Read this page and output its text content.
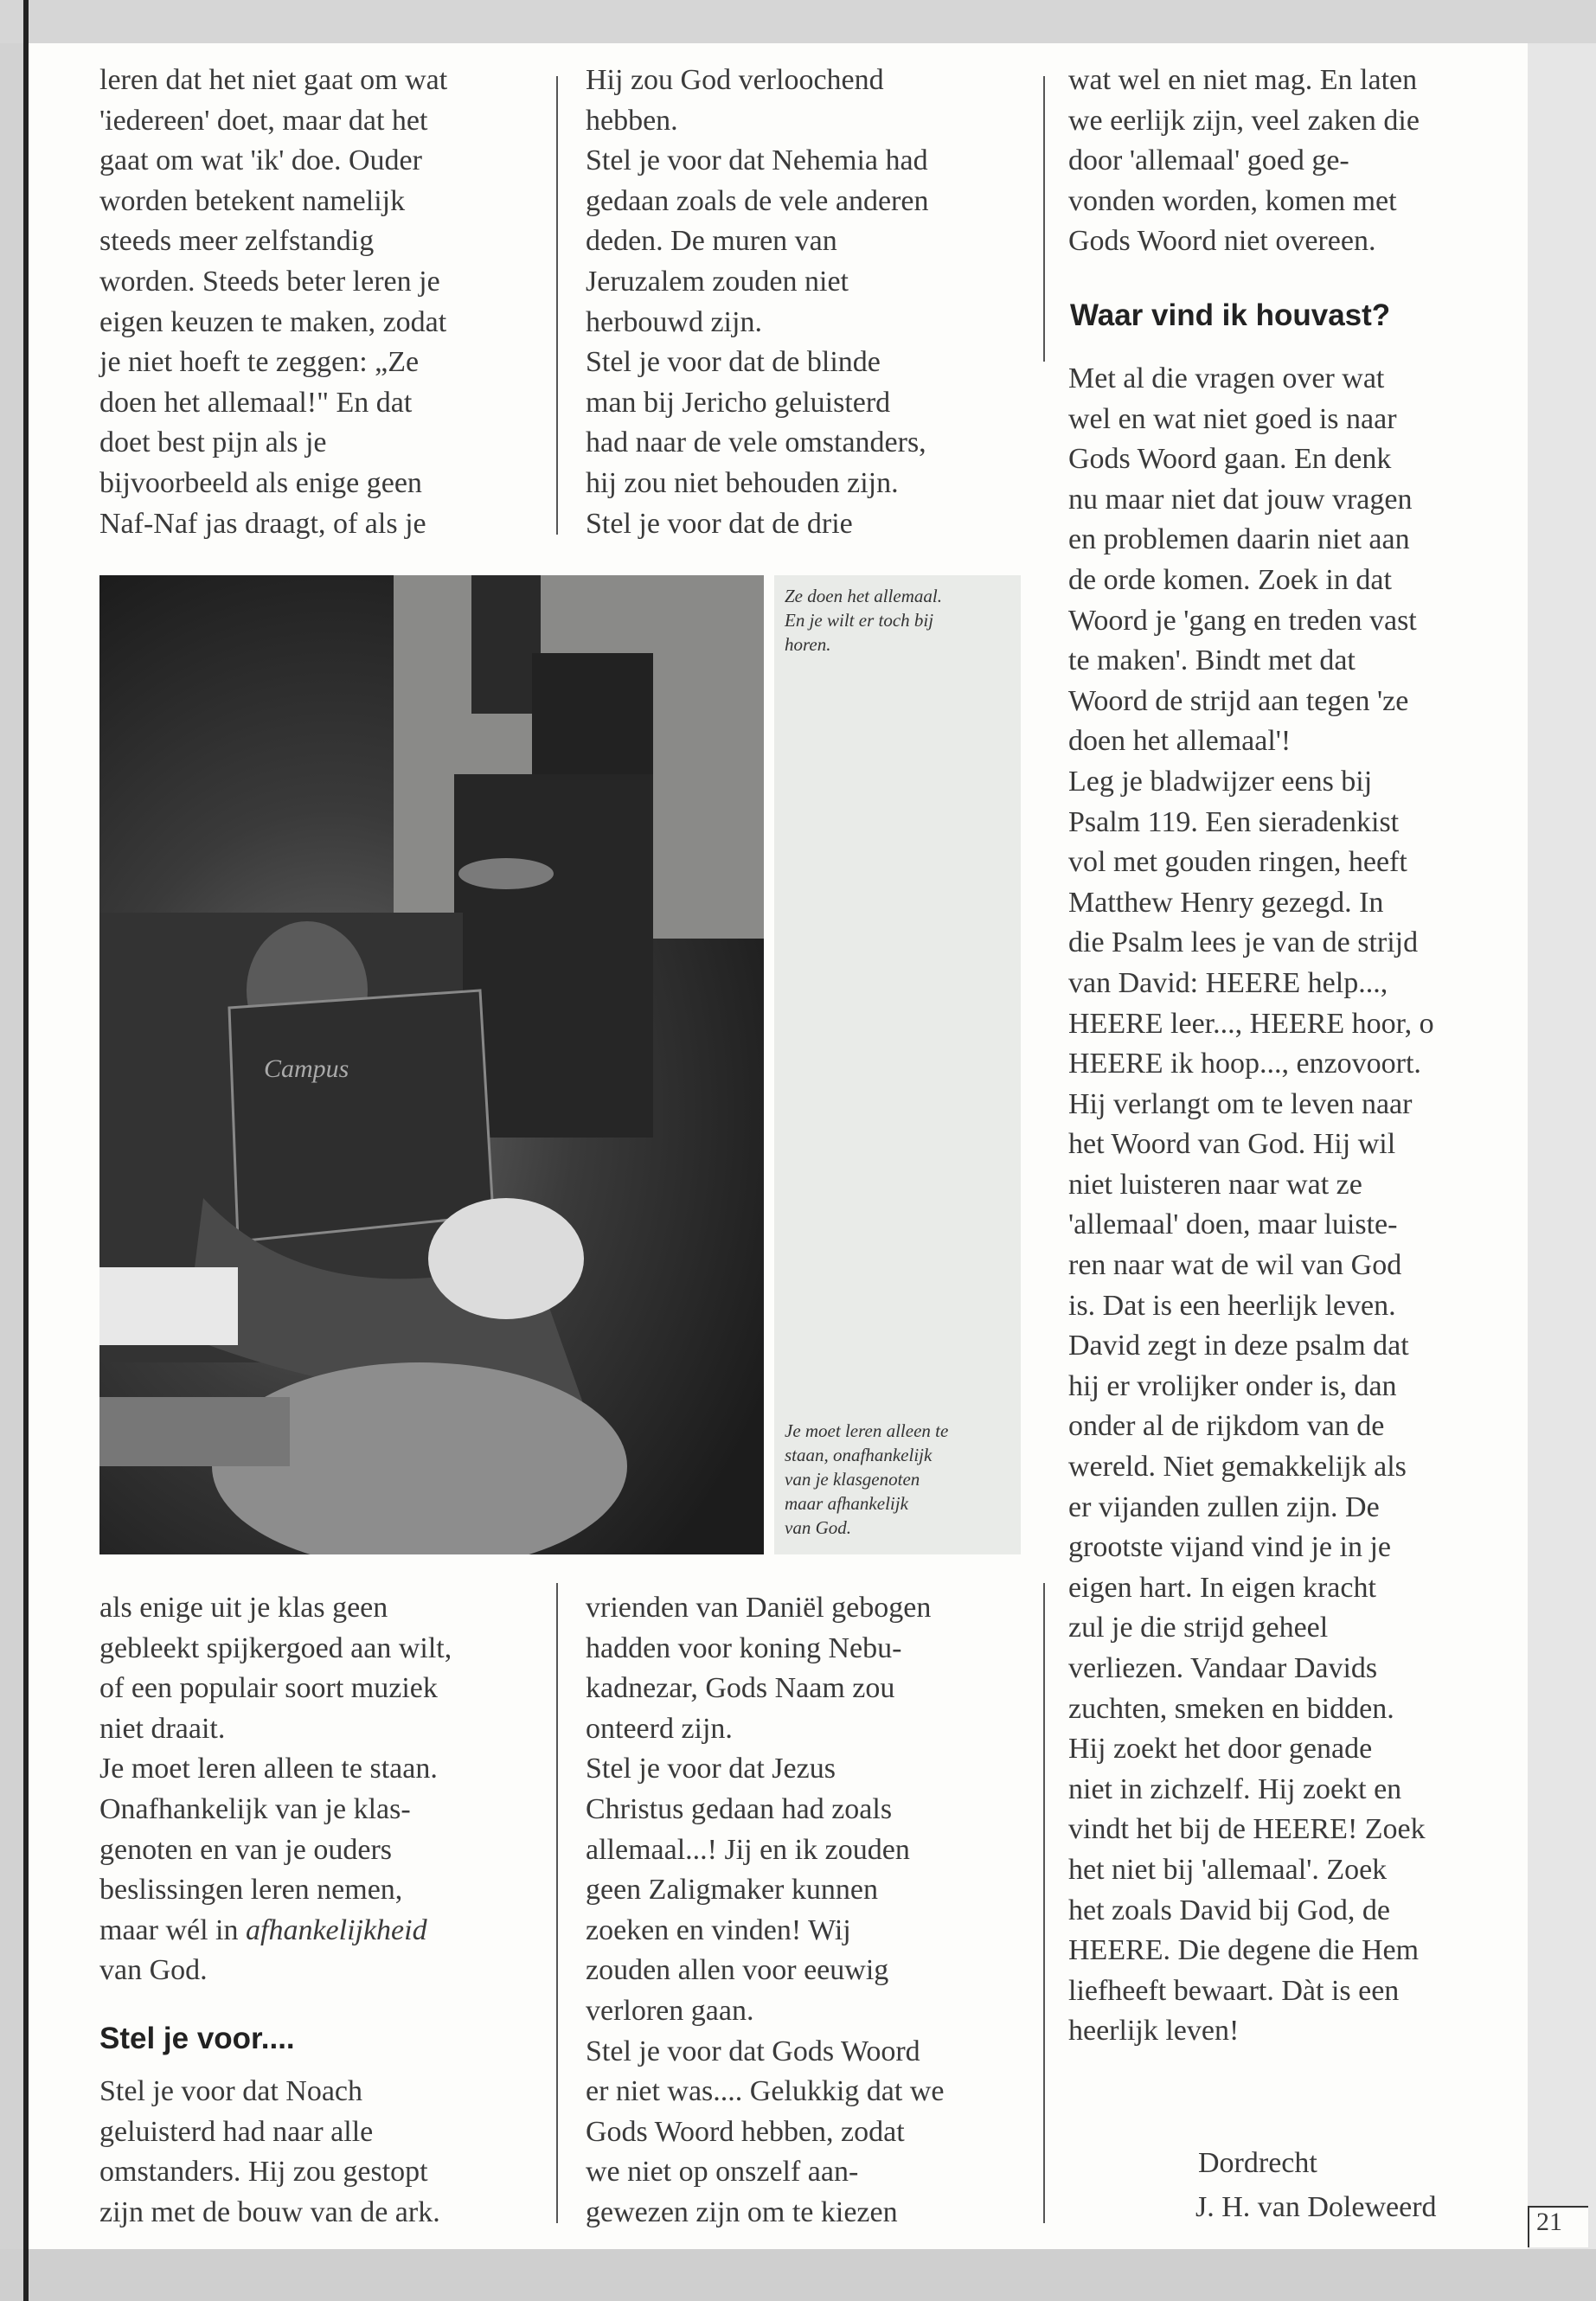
leren dat het niet gaat om wat
'iedereen' doet, maar dat het
gaat om wat 'ik' doe. Ouder
worden betekent namelijk
steeds meer zelfstandig
worden. Steeds beter leren je
eigen keuzen te maken, zodat
je niet hoeft te zeggen: „Ze
doen het allemaal!" En dat
doet best pijn als je
bijvoorbeeld als enige geen
Naf-Naf jas draagt, of als je

Hij zou God verloochend
hebben.
Stel je voor dat Nehemia had
gedaan zoals de vele anderen
deden. De muren van
Jeruzalem zouden niet
herbouwd zijn.
Stel je voor dat de blinde
man bij Jericho geluisterd
had naar de vele omstanders,
hij zou niet behouden zijn.
Stel je voor dat de drie

wat wel en niet mag. En laten
we eerlijk zijn, veel zaken die
door 'allemaal' goed ge-
vonden worden, komen met
Gods Woord niet overeen.

Waar vind ik houvast?

Met al die vragen over wat
wel en wat niet goed is naar
Gods Woord gaan. En denk
nu maar niet dat jouw vragen
en problemen daarin niet aan
de orde komen. Zoek in dat
Woord je 'gang en treden vast
te maken'. Bindt met dat
Woord de strijd aan tegen 'ze
doen het allemaal'!
Leg je bladwijzer eens bij
Psalm 119. Een sieradenkist
vol met gouden ringen, heeft
Matthew Henry gezegd. In
die Psalm lees je van de strijd
van David: HEERE help...,
HEERE leer..., HEERE hoor, o
HEERE ik hoop..., enzovoort.
Hij verlangt om te leven naar
het Woord van God. Hij wil
niet luisteren naar wat ze
'allemaal' doen, maar luiste-
ren naar wat de wil van God
is. Dat is een heerlijk leven.
David zegt in deze psalm dat
hij er vrolijker onder is, dan
onder al de rijkdom van de
wereld. Niet gemakkelijk als
er vijanden zullen zijn. De
grootste vijand vind je in je
eigen hart. In eigen kracht
zul je die strijd geheel
verliezen. Vandaar Davids
zuchten, smeken en bidden.
Hij zoekt het door genade
niet in zichzelf. Hij zoekt en
vindt het bij de HEERE! Zoek
het niet bij 'allemaal'. Zoek
het zoals David bij God, de
HEERE. Die degene die Hem
liefheeft bewaart. Dàt is een
heerlijk leven!

Campus
Ze doen het allemaal.
En je wilt er toch bij
horen.
Je moet leren alleen te
staan, onafhankelijk
van je klasgenoten
maar afhankelijk
van God.

als enige uit je klas geen
gebleekt spijkergoed aan wilt,
of een populair soort muziek
niet draait.
Je moet leren alleen te staan.
Onafhankelijk van je klas-
genoten en van je ouders
beslissingen leren nemen,
maar wél in afhankelijkheid
van God.

Stel je voor....

Stel je voor dat Noach
geluisterd had naar alle
omstanders. Hij zou gestopt
zijn met de bouw van de ark.

vrienden van Daniël gebogen
hadden voor koning Nebu-
kadnezar, Gods Naam zou
onteerd zijn.
Stel je voor dat Jezus
Christus gedaan had zoals
allemaal...! Jij en ik zouden
geen Zaligmaker kunnen
zoeken en vinden! Wij
zouden allen voor eeuwig
verloren gaan.
Stel je voor dat Gods Woord
er niet was.... Gelukkig dat we
Gods Woord hebben, zodat
we niet op onszelf aan-
gewezen zijn om te kiezen

Dordrecht
J. H. van Doleweerd	21
